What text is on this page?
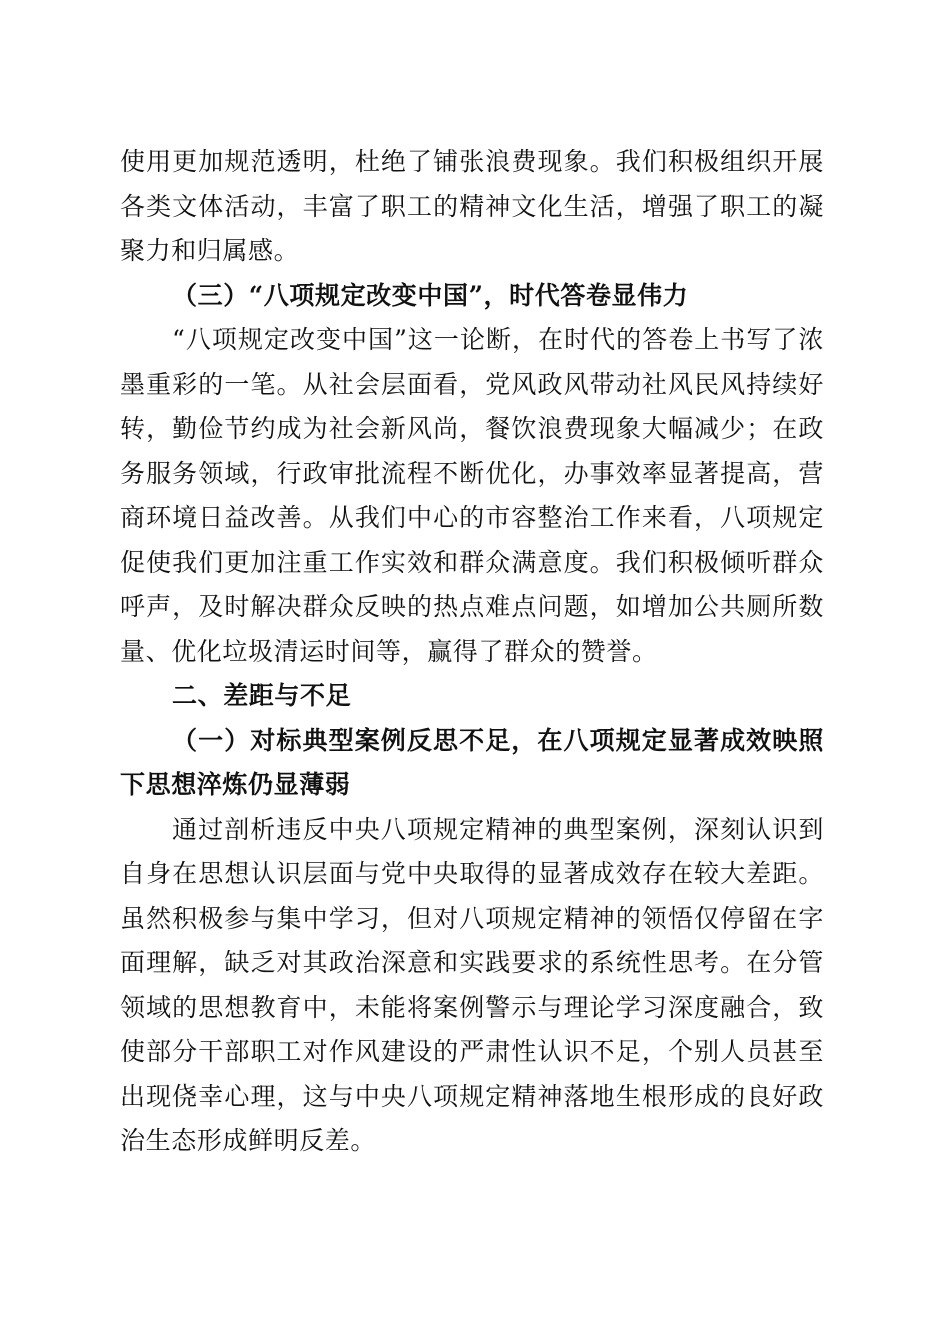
使用更加规范透明，杜绝了铺张浪费现象。我们积极组织开展各类文体活动，丰富了职工的精神文化生活，增强了职工的凝聚力和归属感。

（三）“八项规定改变中国”，时代答卷显伟力

“八项规定改变中国”这一论断，在时代的答卷上书写了浓墨重彩的一笔。从社会层面看，党风政风带动社风民风持续好转，勤俭节约成为社会新风尚，餐饮浪费现象大幅减少；在政务服务领域，行政审批流程不断优化，办事效率显著提高，营商环境日益改善。从我们中心的市容整治工作来看，八项规定促使我们更加注重工作实效和群众满意度。我们积极倾听群众呼声，及时解决群众反映的热点难点问题，如增加公共厕所数量、优化垃圾清运时间等，赢得了群众的赞誉。

二、差距与不足

（一）对标典型案例反思不足，在八项规定显著成效映照下思想淬炼仍显薄弱

通过剖析违反中央八项规定精神的典型案例，深刻认识到自身在思想认识层面与党中央取得的显著成效存在较大差距。虽然积极参与集中学习，但对八项规定精神的领悟仅停留在字面理解，缺乏对其政治深意和实践要求的系统性思考。在分管领域的思想教育中，未能将案例警示与理论学习深度融合，致使部分干部职工对作风建设的严肃性认识不足，个别人员甚至出现侥幸心理，这与中央八项规定精神落地生根形成的良好政治生态形成鲜明反差。
